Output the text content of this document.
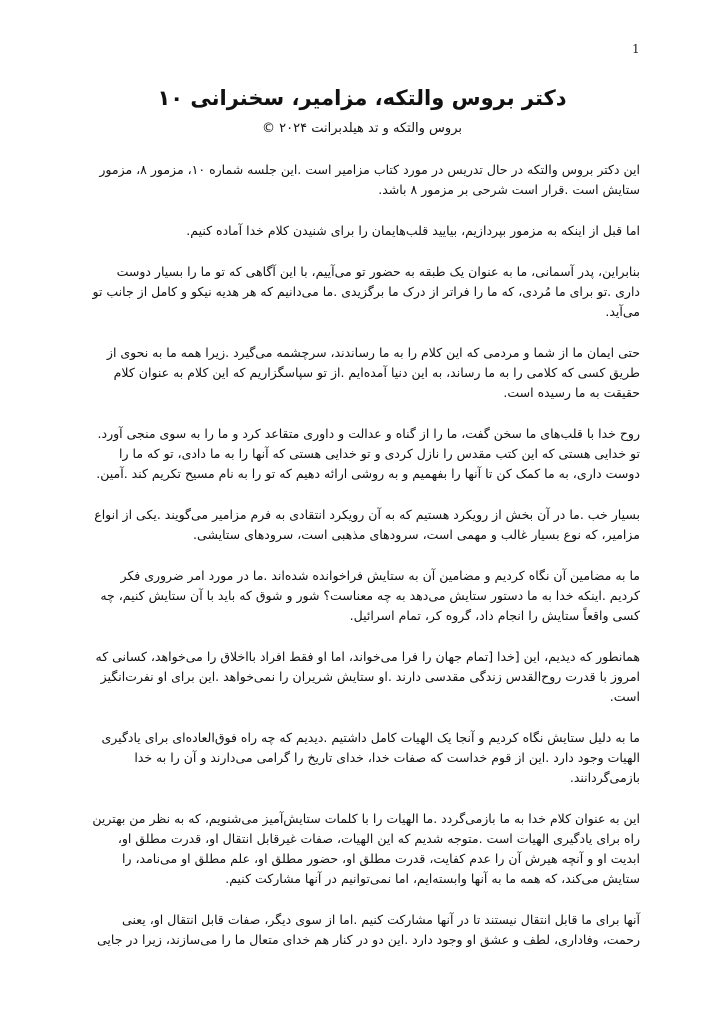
1
دکتر بروس والتکه، مزامیر، سخنرانی ۱۰
بروس والتکه و تد هیلدبرانت ۲۰۲۴ ©

این دکتر بروس والتکه در حال تدریس در مورد کتاب مزامیر است .این جلسه شماره ۱۰، مزمور ۸، مزمور ستایش است .قرار است شرحی بر مزمور ۸ باشد.

اما قبل از اینکه به مزمور بپردازیم، بیایید قلب‌هایمان را برای شنیدن کلام خدا آماده کنیم.

بنابراین، پدر آسمانی، ما به عنوان یک طبقه به حضور تو می‌آییم، با این آگاهی که تو ما را بسیار دوست داری .تو برای ما مُردی، که ما را فراتر از درک ما برگزیدی .ما می‌دانیم که هر هدیه نیکو و کامل از جانب تو می‌آید.

حتی ایمان ما از شما و مردمی که این کلام را به ما رساندند، سرچشمه می‌گیرد .زیرا همه ما به نحوی از طریق کسی که کلامی را به ما رساند، به این دنیا آمده‌ایم .از تو سپاسگزاریم که این کلام به عنوان کلام حقیقت به ما رسیده است.

روح خدا با قلب‌های ما سخن گفت، ما را از گناه و عدالت و داوری متقاعد کرد و ما را به سوی منجی آورد. تو خدایی هستی که این کتب مقدس را نازل کردی و تو خدایی هستی که آنها را به ما دادی، تو که ما را دوست داری، به ما کمک کن تا آنها را بفهمیم و به روشی ارائه دهیم که تو را به نام مسیح تکریم کند .آمین.

بسیار خب .ما در آن بخش از رویکرد هستیم که به آن رویکرد انتقادی به فرم مزامیر می‌گویند .یکی از انواع مزامیر، که نوع بسیار غالب و مهمی است، سرودهای مذهبی است، سرودهای ستایشی.

ما به مضامین آن نگاه کردیم و مضامین آن به ستایش فراخوانده شده‌اند .ما در مورد امر ضروری فکر کردیم .اینکه خدا به ما دستور ستایش می‌دهد به چه معناست؟ شور و شوق که باید با آن ستایش کنیم، چه کسی واقعاً ستایش را انجام داد، گروه کر، تمام اسرائیل.

همانطور که دیدیم، این [خدا [تمام جهان را فرا می‌خواند، اما او فقط افراد بااخلاق را می‌خواهد، کسانی که امروز با قدرت روح‌القدس زندگی مقدسی دارند .او ستایش شریران را نمی‌خواهد .این برای او نفرت‌انگیز است.

ما به دلیل ستایش نگاه کردیم و آنجا یک الهیات کامل داشتیم .دیدیم که چه راه فوق‌العاده‌ای برای یادگیری الهیات وجود دارد .این از قوم خداست که صفات خدا، خدای تاریخ را گرامی می‌دارند و آن را به خدا بازمی‌گردانند.

این به عنوان کلام خدا به ما بازمی‌گردد .ما الهیات را با کلمات ستایش‌آمیز می‌شنویم، که به نظر من بهترین راه برای یادگیری الهیات است .متوجه شدیم که این الهیات، صفات غیرقابل انتقال او، قدرت مطلق او، ابدیت او و آنچه هیرش آن را عدم کفایت، قدرت مطلق او، حضور مطلق او، علم مطلق او می‌نامد، را ستایش می‌کند، که همه ما به آنها وابسته‌ایم، اما نمی‌توانیم در آنها مشارکت کنیم.

آنها برای ما قابل انتقال نیستند تا در آنها مشارکت کنیم .اما از سوی دیگر، صفات قابل انتقال او، یعنی رحمت، وفاداری، لطف و عشق او وجود دارد .این دو در کنار هم خدای متعال ما را می‌سازند، زیرا در جایی
